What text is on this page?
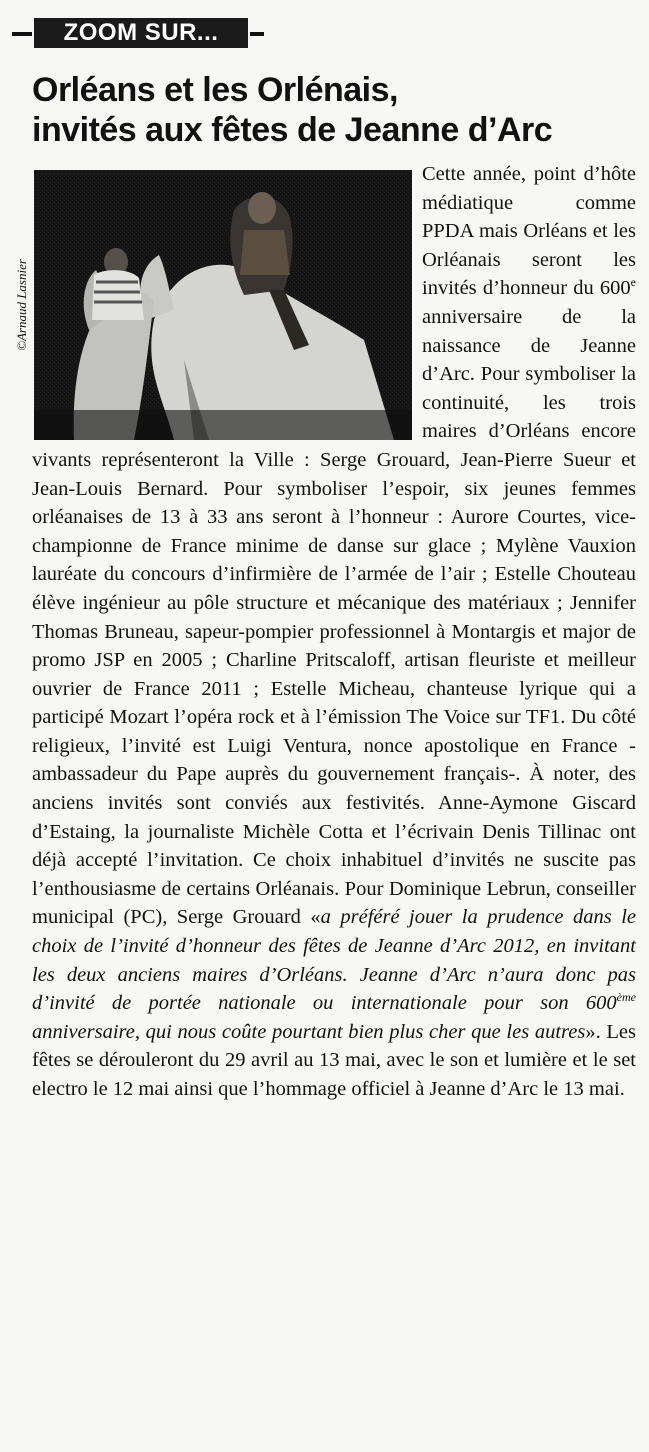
ZOOM SUR...
Orléans et les Orlénais,
invités aux fêtes de Jeanne d’Arc
©Arnaud Lasnier

Cette année, point d’hôte médiatique comme PPDA mais Orléans et les Orléanais seront les invités d’honneur du 600e anniversaire de la naissance de Jeanne d’Arc. Pour symboliser la continuité, les trois maires d’Orléans encore vivants représenteront la Ville : Serge Grouard, Jean-Pierre Sueur et Jean-Louis Bernard. Pour symboliser l’espoir, six jeunes femmes orléanaises de 13 à 33 ans seront à l’honneur : Aurore Courtes, vice-championne de France minime de danse sur glace ; Mylène Vauxion lauréate du concours d’infirmière de l’armée de l’air ; Estelle Chouteau élève ingénieur au pôle structure et mécanique des matériaux ; Jennifer Thomas Bruneau, sapeur-pompier professionnel à Montargis et major de promo JSP en 2005 ; Charline Pritscaloff, artisan fleuriste et meilleur ouvrier de France 2011 ; Estelle Micheau, chanteuse lyrique qui a participé Mozart l’opéra rock et à l’émission The Voice sur TF1. Du côté religieux, l’invité est Luigi Ventura, nonce apostolique en France -ambassadeur du Pape auprès du gouvernement français-. À noter, des anciens invités sont conviés aux festivités. Anne-Aymone Giscard d’Estaing, la journaliste Michèle Cotta et l’écrivain Denis Tillinac ont déjà accepté l’invitation. Ce choix inhabituel d’invités ne suscite pas l’enthousiasme de certains Orléanais. Pour Dominique Lebrun, conseiller municipal (PC), Serge Grouard «a préféré jouer la prudence dans le choix de l’invité d’honneur des fêtes de Jeanne d’Arc 2012, en invitant les deux anciens maires d’Orléans. Jeanne d’Arc n’aura donc pas d’invité de portée nationale ou internationale pour son 600ème anniversaire, qui nous coûte pourtant bien plus cher que les autres». Les fêtes se dérouleront du 29 avril au 13 mai, avec le son et lumière et le set electro le 12 mai ainsi que l’hommage officiel à Jeanne d’Arc le 13 mai.
